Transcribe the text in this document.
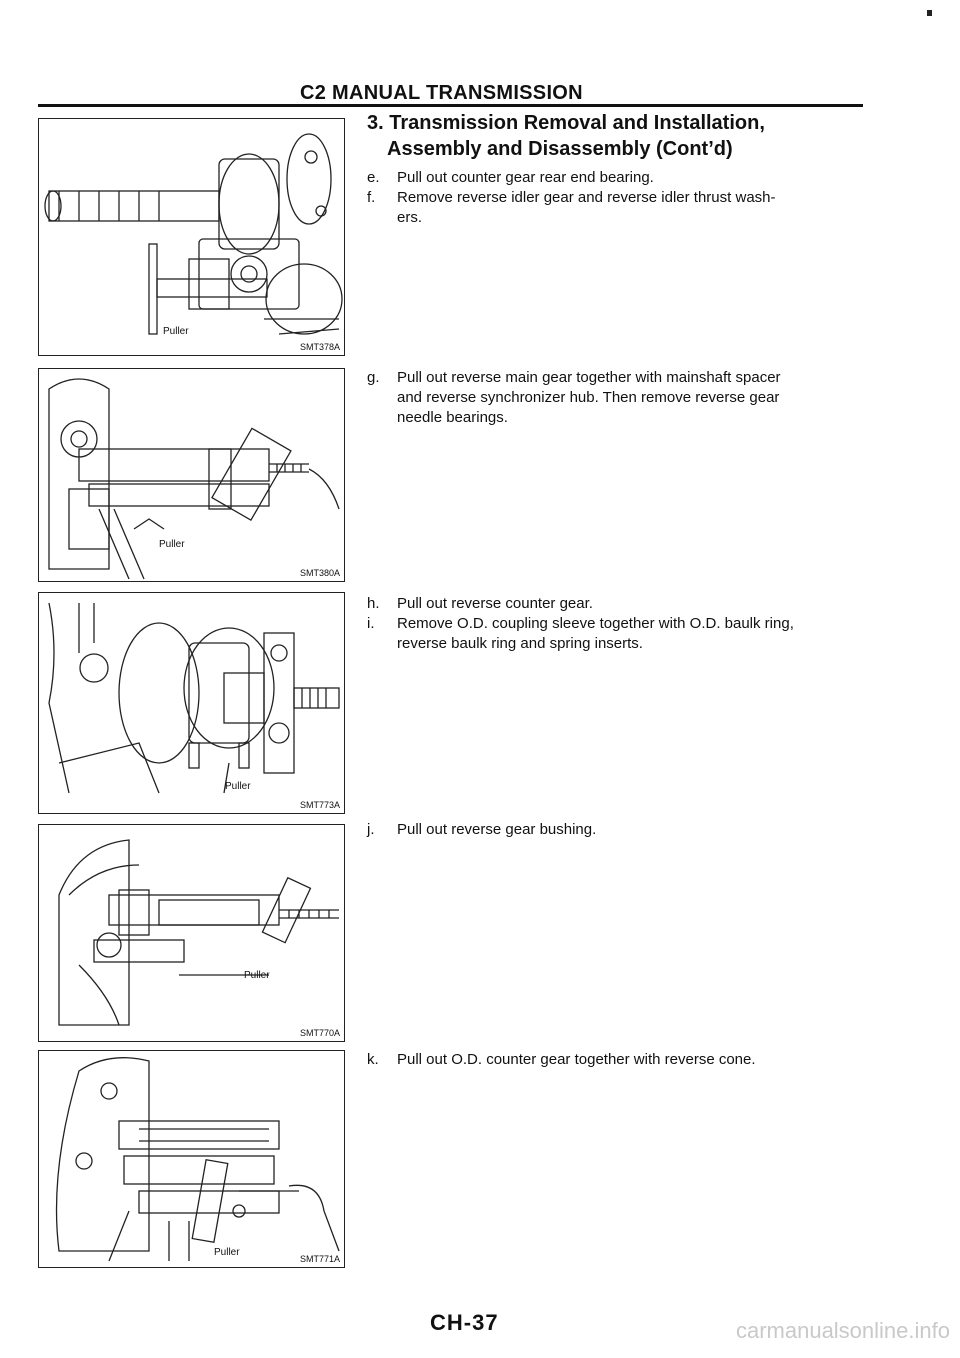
C2 MANUAL TRANSMISSION
3. Transmission Removal and Installation,
Assembly and Disassembly (Cont’d)
Puller
SMT378A
Puller
SMT380A
Puller
SMT773A
Puller
SMT770A
Puller
SMT771A
e.	Pull out counter gear rear end bearing.
f.	Remove reverse idler gear and reverse idler thrust wash-
ers.
g.	Pull out reverse main gear together with mainshaft spacer
and reverse synchronizer hub. Then remove reverse gear
needle bearings.
h.	Pull out reverse counter gear.
i.	Remove O.D. coupling sleeve together with O.D. baulk ring,
reverse baulk ring and spring inserts.
j.	Pull out reverse gear bushing.
k.	Pull out O.D. counter gear together with reverse cone.
CH-37	carmanualsonline.info
